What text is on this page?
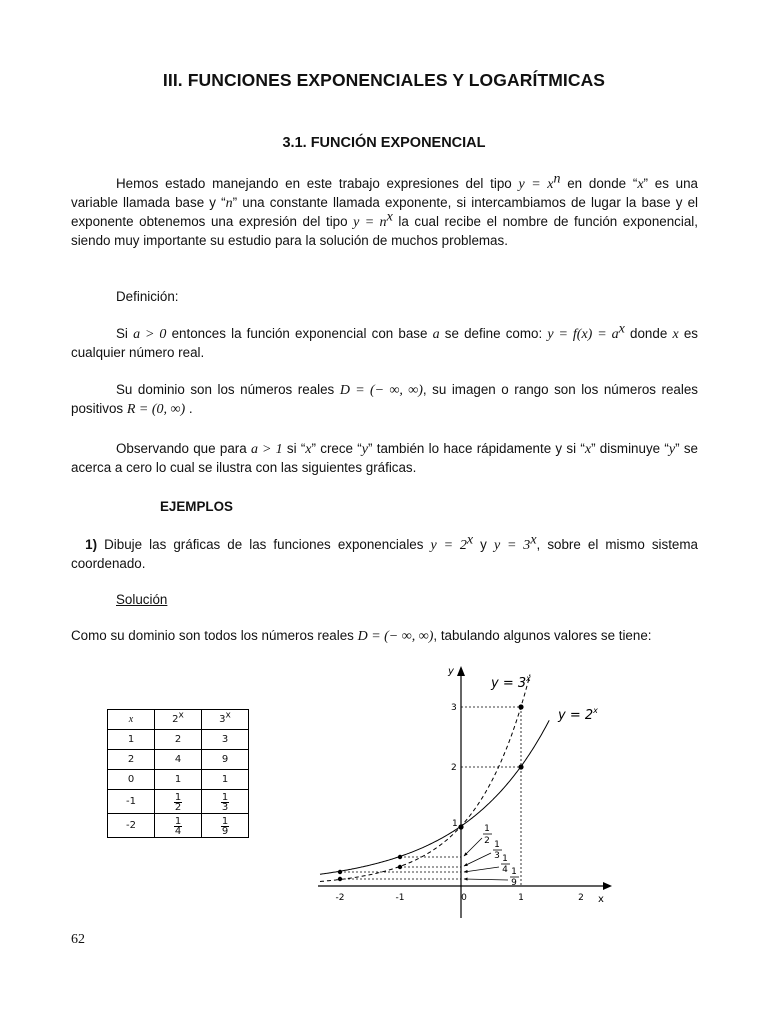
III. FUNCIONES EXPONENCIALES Y LOGARÍTMICAS
3.1. FUNCIÓN EXPONENCIAL
Hemos estado manejando en este trabajo expresiones del tipo $y = x^n$ en donde “x” es una variable llamada base y “n” una constante llamada exponente, si intercambiamos de lugar la base y el exponente obtenemos una expresión del tipo $y = n^x$ la cual recibe el nombre de función exponencial, siendo muy importante su estudio para la solución de muchos problemas.
Definición:
Si a > 0 entonces la función exponencial con base a se define como: $y = f(x) = a^x$ donde x es cualquier número real.
Su dominio son los números reales D = (− ∞, ∞), su imagen o rango son los números reales positivos R = (0, ∞) .
Observando que para a > 1 si “x” crece “y” también lo hace rápidamente y si “x” disminuye “y” se acerca a cero lo cual se ilustra con las siguientes gráficas.
EJEMPLOS
1) Dibuje las gráficas de las funciones exponenciales $y = 2^x$ y $y = 3^x$, sobre el mismo sistema coordenado.
Solución
Como su dominio son todos los números reales D = (− ∞, ∞), tabulando algunos valores se tiene:
x	2$^x$	3$^x$
1	2	3
2	4	9
0	1	1
-1	$\frac{1}{2}$	$\frac{1}{3}$

-2	$\frac{1}{4}$	$\frac{1}{9}$
y
x
-2	-1	0	1	2
3
2
1
$y = 3^x$
$y = 2^x$
1
2 1
3 1
4 1
9
62
